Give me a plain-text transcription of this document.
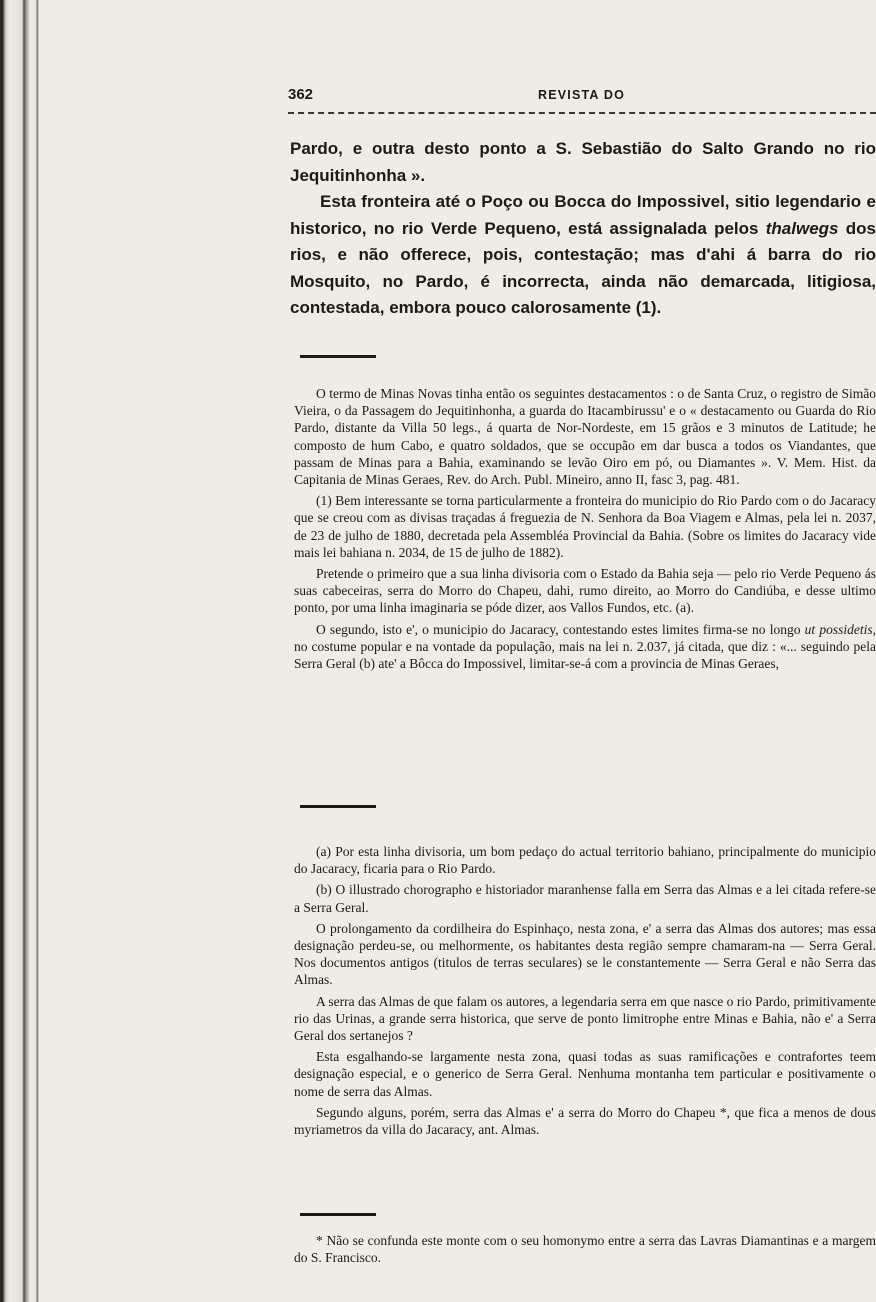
362	REVISTA DO

Pardo, e outra desto ponto a S. Sebastião do Salto Grando no rio Jequitinhonha ».

Esta fronteira até o Poço ou Bocca do Impossivel, sitio legendario e historico, no rio Verde Pequeno, está assignalada pelos thalwegs dos rios, e não offerece, pois, contestação; mas d'ahi á barra do rio Mosquito, no Pardo, é incorrecta, ainda não demarcada, litigiosa, contestada, embora pouco calorosamente (1).

O termo de Minas Novas tinha então os seguintes destacamentos : o de Santa Cruz, o registro de Simão Vieira, o da Passagem do Jequitinhonha, a guarda do Itacambirussu' e o « destacamento ou Guarda do Rio Pardo, distante da Villa 50 legs., á quarta de Nor-Nordeste, em 15 grãos e 3 minutos de Latitude; he composto de hum Cabo, e quatro soldados, que se occupão em dar busca a todos os Viandantes, que passam de Minas para a Bahia, examinando se levão Oiro em pó, ou Diamantes ». V. Mem. Hist. da Capitania de Minas Geraes, Rev. do Arch. Publ. Mineiro, anno II, fasc 3, pag. 481.

(1) Bem interessante se torna particularmente a fronteira do municipio do Rio Pardo com o do Jacaracy que se creou com as divisas traçadas á freguezia de N. Senhora da Boa Viagem e Almas, pela lei n. 2037, de 23 de julho de 1880, decretada pela Assembléa Provincial da Bahia. (Sobre os limites do Jacaracy vide mais lei bahiana n. 2034, de 15 de julho de 1882).

Pretende o primeiro que a sua linha divisoria com o Estado da Bahia seja — pelo rio Verde Pequeno ás suas cabeceiras, serra do Morro do Chapeu, dahi, rumo direito, ao Morro do Candiúba, e desse ultimo ponto, por uma linha imaginaria se póde dizer, aos Vallos Fundos, etc. (a).

O segundo, isto e', o municipio do Jacaracy, contestando estes limites firma-se no longo ut possidetis, no costume popular e na vontade da população, mais na lei n. 2.037, já citada, que diz : «... seguindo pela Serra Geral (b) ate' a Bôcca do Impossivel, limitar-se-á com a provincia de Minas Geraes,

(a) Por esta linha divisoria, um bom pedaço do actual territorio bahiano, principalmente do municipio do Jacaracy, ficaria para o Rio Pardo.

(b) O illustrado chorographo e historiador maranhense falla em Serra das Almas e a lei citada refere-se a Serra Geral.

O prolongamento da cordilheira do Espinhaço, nesta zona, e' a serra das Almas dos autores; mas essa designação perdeu-se, ou melhormente, os habitantes desta região sempre chamaram-na — Serra Geral. Nos documentos antigos (titulos de terras seculares) se le constantemente — Serra Geral e não Serra das Almas.

A serra das Almas de que falam os autores, a legendaria serra em que nasce o rio Pardo, primitivamente rio das Urinas, a grande serra historica, que serve de ponto limitrophe entre Minas e Bahia, não e' a Serra Geral dos sertanejos ?

Esta esgalhando-se largamente nesta zona, quasi todas as suas ramificações e contrafortes teem designação especial, e o generico de Serra Geral. Nenhuma montanha tem particular e positivamente o nome de serra das Almas.

Segundo alguns, porém, serra das Almas e' a serra do Morro do Chapeu *, que fica a menos de dous myriametros da villa do Jacaracy, ant. Almas.

* Não se confunda este monte com o seu homonymo entre a serra das Lavras Diamantinas e a margem do S. Francisco.
